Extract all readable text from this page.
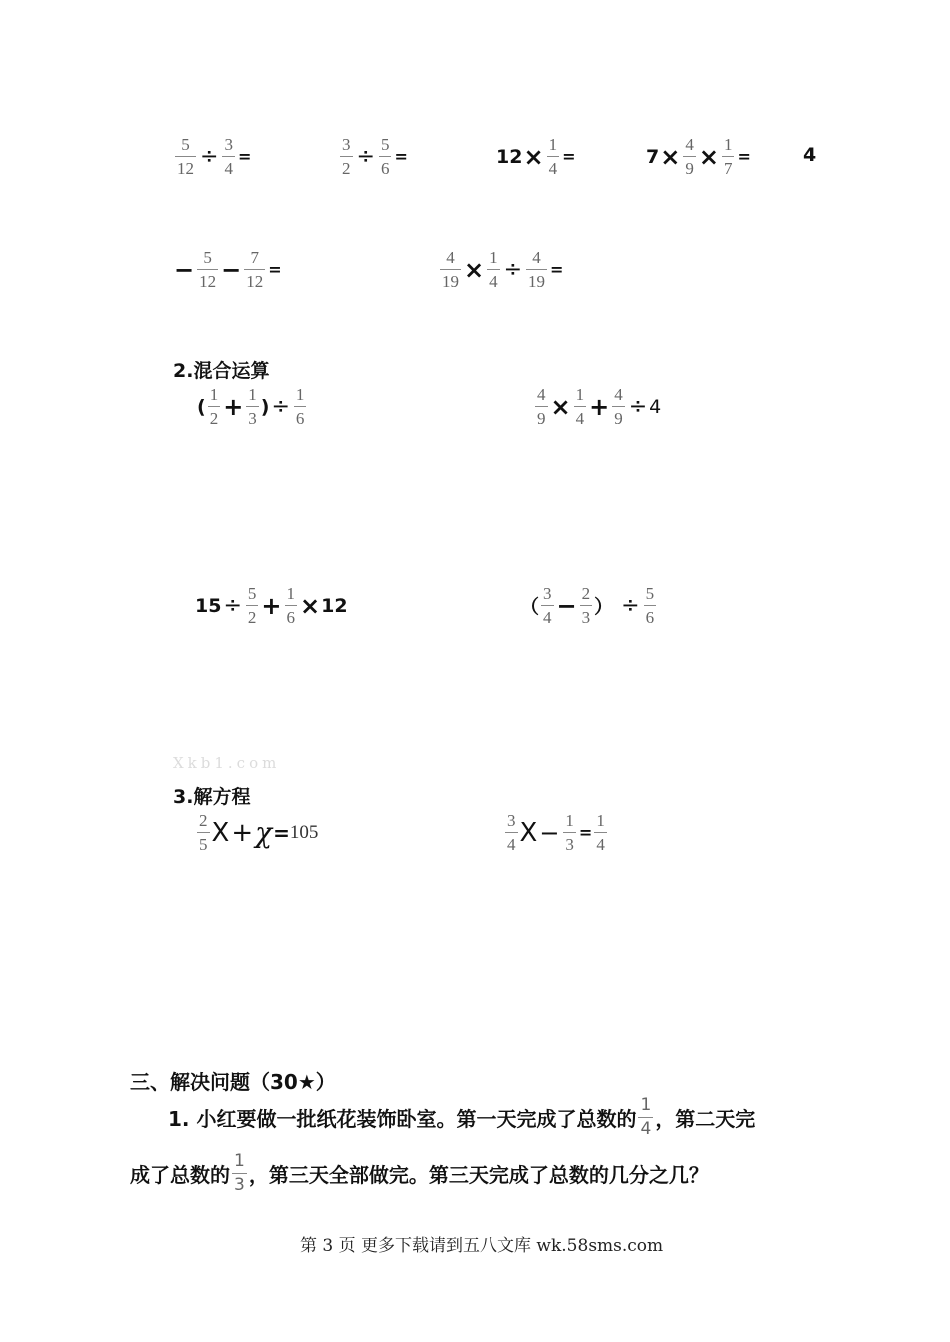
$\frac{5}{12} \div \frac{3}{4}$ =	$\frac{3}{2} \div \frac{5}{6}$ =	$12 \times \frac{1}{4}$ =	$7 \times \frac{4}{9} \times \frac{1}{7}$ =	4
− $\frac{5}{12} - \frac{7}{12}$ =	$\frac{4}{19} \times \frac{1}{4} \div \frac{4}{19}$ =
2.混合运算
( $\frac{1}{2} + \frac{1}{3}$ ) ÷ $\frac{1}{6}$	$\frac{4}{9} \times \frac{1}{4} + \frac{4}{9} \div 4$
$15 \div \frac{5}{2} + \frac{1}{6} \times 12$	（ $\frac{3}{4} - \frac{2}{3}$ ） ÷ $\frac{5}{6}$
Xkb1.com
3.解方程
$\frac{2}{5}$ X + χ = 105	$\frac{3}{4}$ $X - \frac{1}{3} = \frac{1}{4}$
三、解决问题（30★）
1. 小红要做一批纸花装饰卧室。第一天完成了总数的 $\frac{1}{4}$ ，第二天完
成了总数的 $\frac{1}{3}$ ，第三天全部做完。第三天完成了总数的几分之几？
第 3 页 更多下载请到五八文库 wk.58sms.com
